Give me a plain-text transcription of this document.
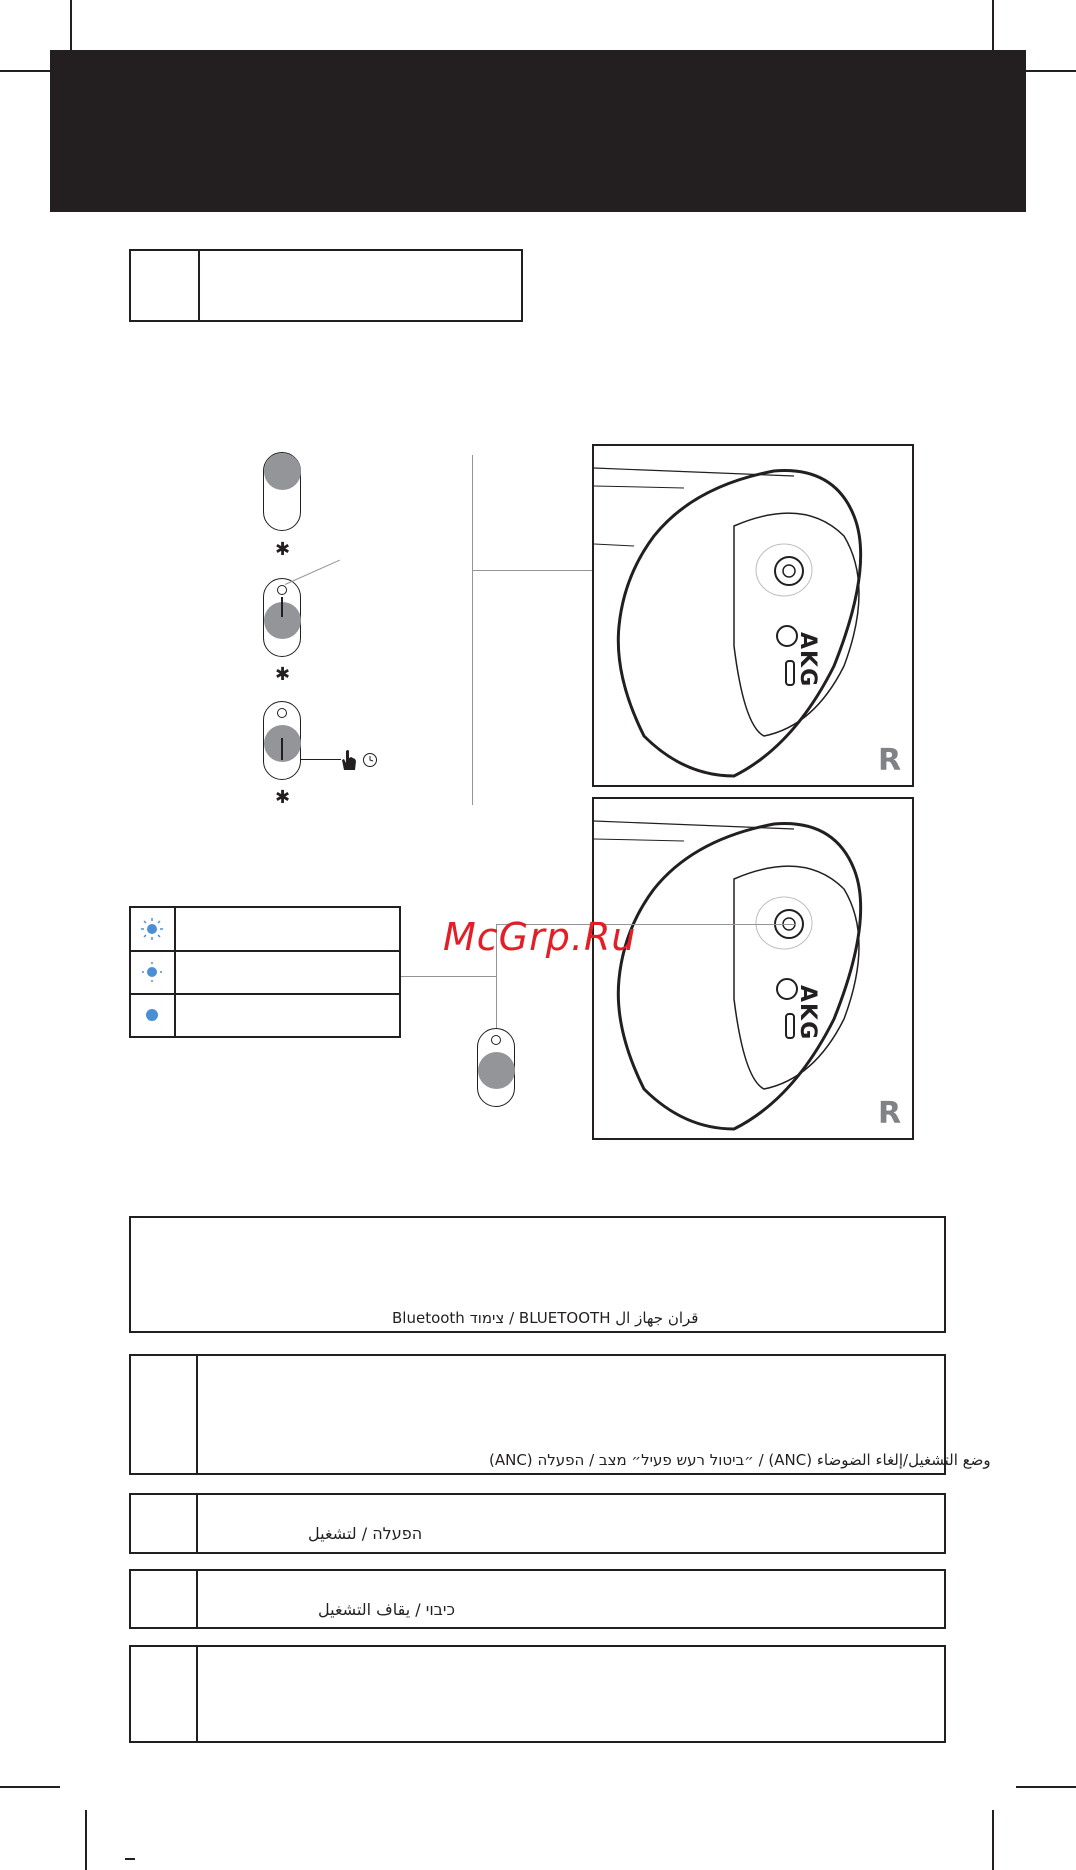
✱
✱
✱
AKG
R
AKG
R
McGrp.Ru
Bluetooth צימוד / BLUETOOTH قران جهاز ال
(ANC) ״ביטול רעש פעיל״ מצב / הפעלה / (ANC) وضع التشغيل/إلغاء الضوضاء
הפעלה / لتشغيل
כיבוי / يقاف التشغيل
